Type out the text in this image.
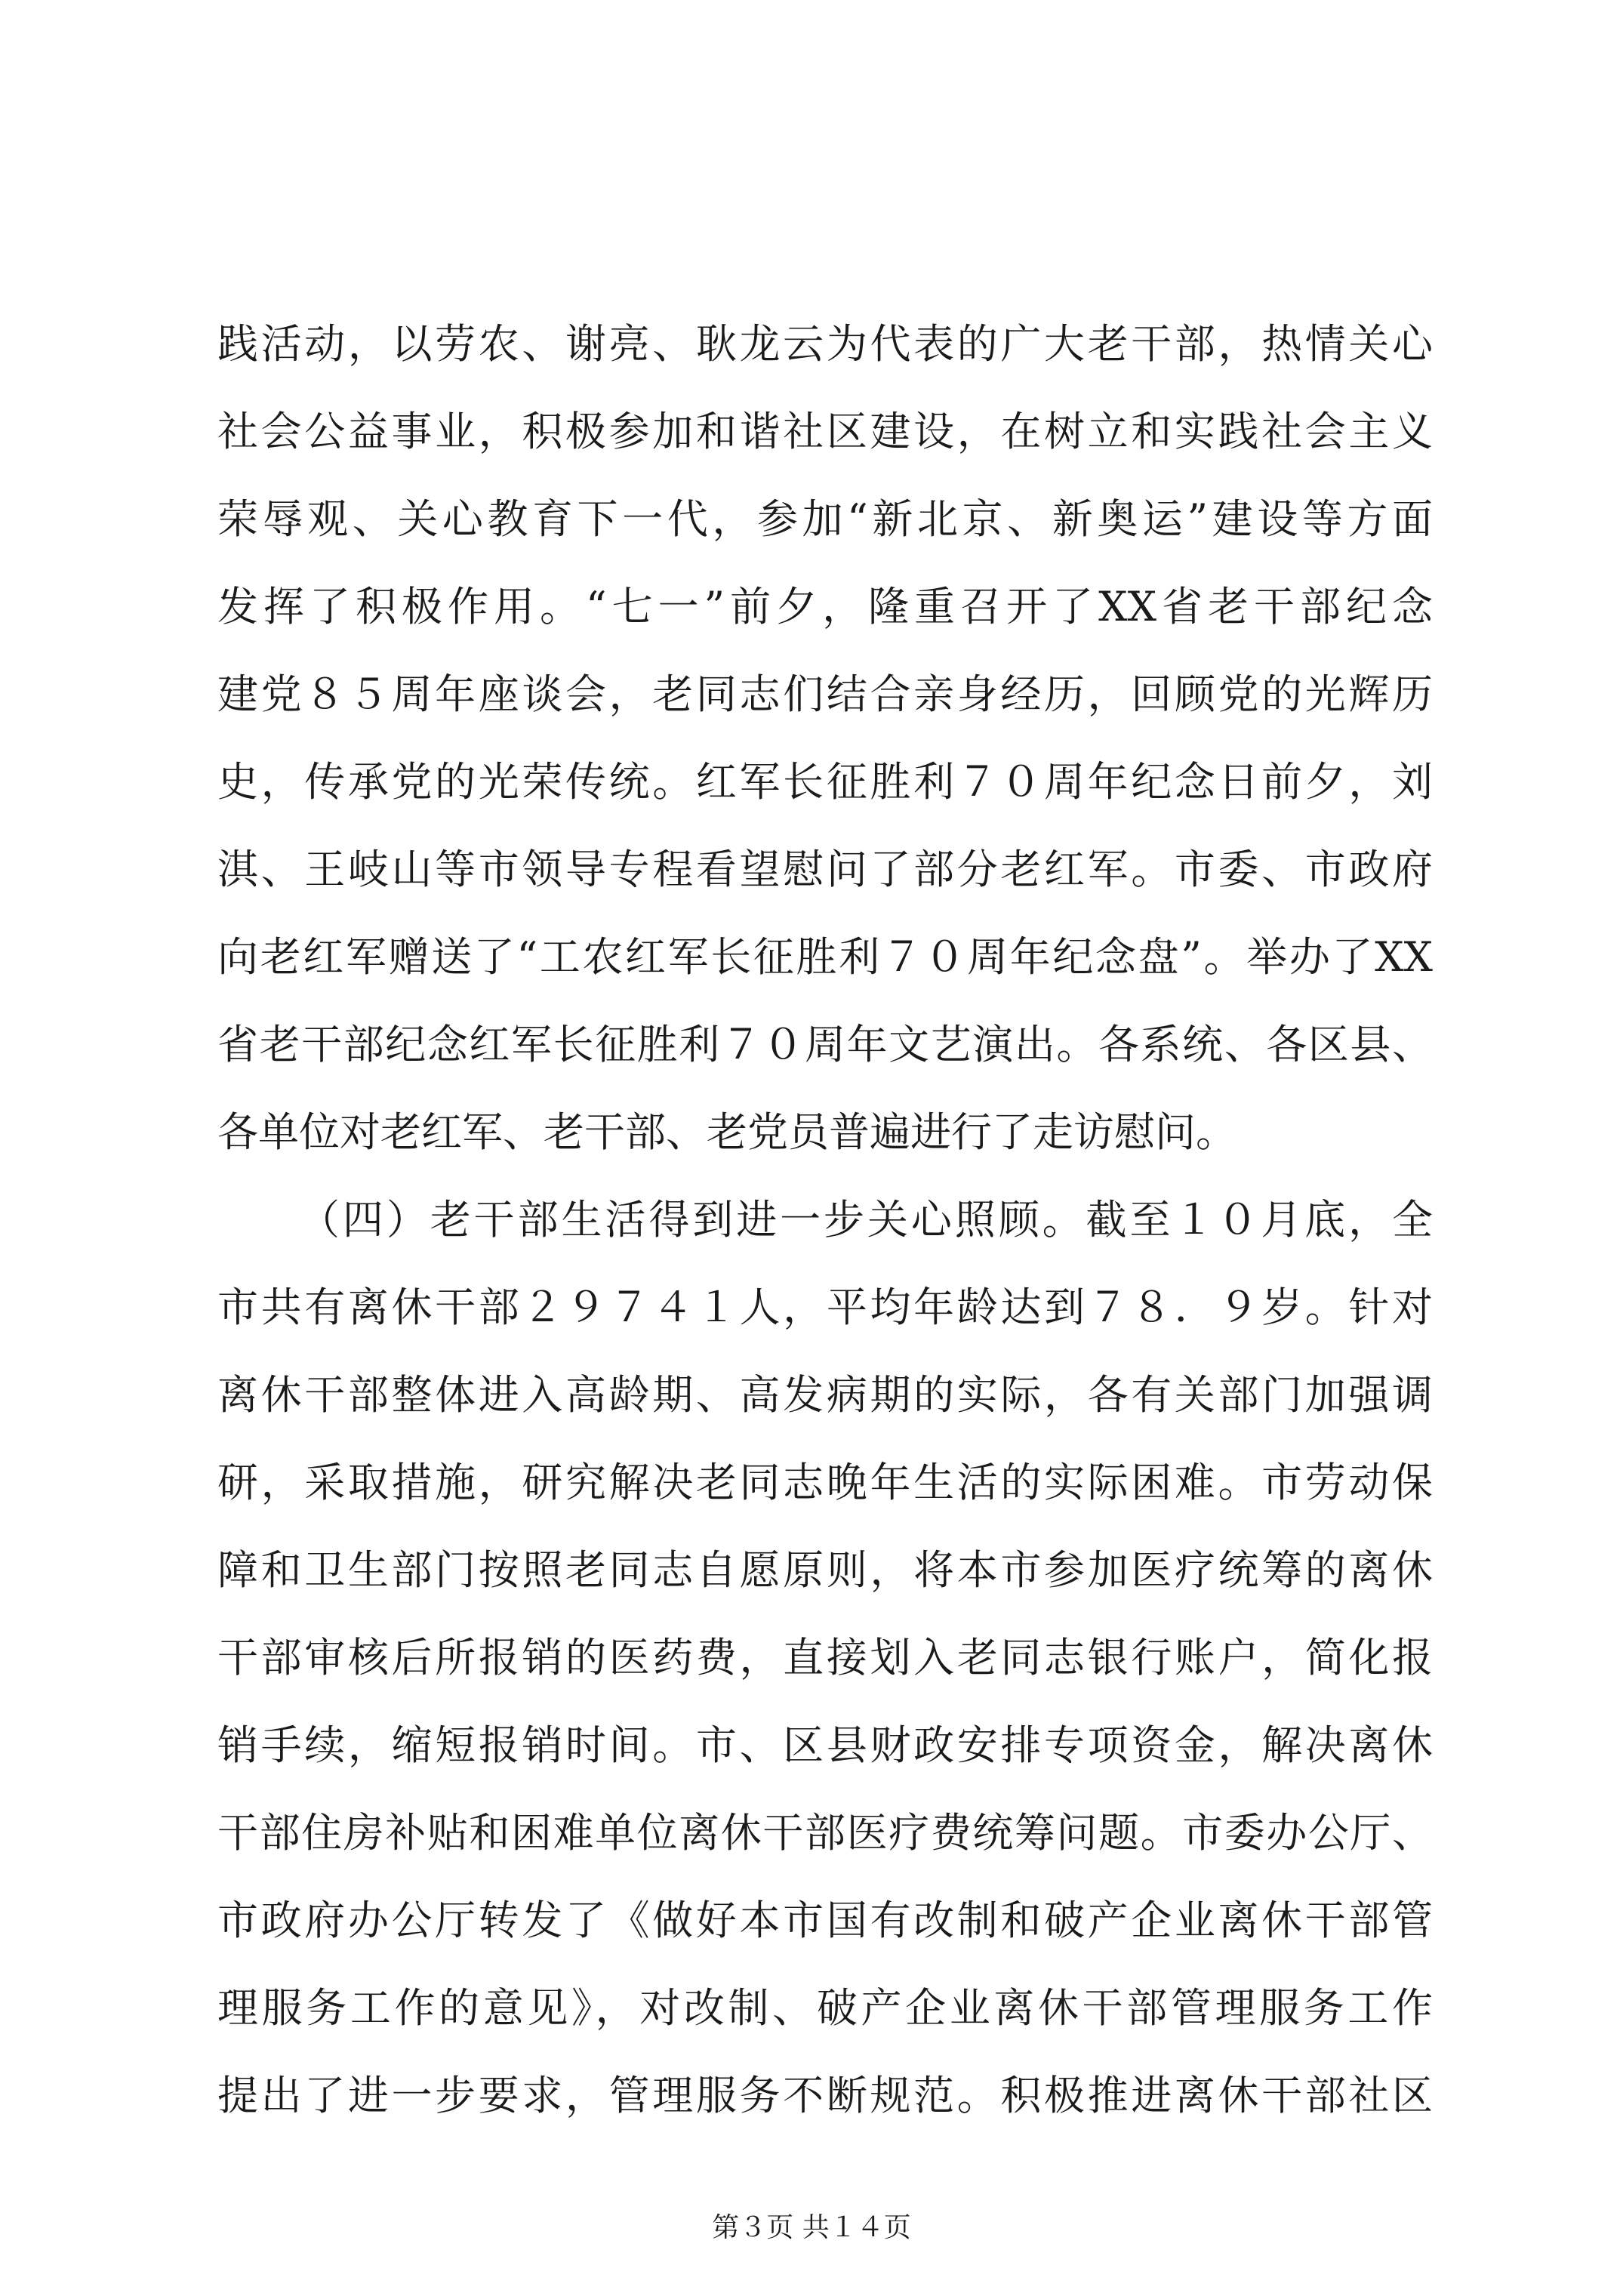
践活动，以劳农、谢亮、耿龙云为代表的广大老干部，热情关心
社会公益事业，积极参加和谐社区建设，在树立和实践社会主义
荣辱观、关心教育下一代，参加“新北京、新奥运”建设等方面
发挥了积极作用。“七一”前夕，隆重召开了XX省老干部纪念
建党８５周年座谈会，老同志们结合亲身经历，回顾党的光辉历
史，传承党的光荣传统。红军长征胜利７０周年纪念日前夕，刘
淇、王岐山等市领导专程看望慰问了部分老红军。市委、市政府
向老红军赠送了“工农红军长征胜利７０周年纪念盘”。举办了XX
省老干部纪念红军长征胜利７０周年文艺演出。各系统、各区县、
各单位对老红军、老干部、老党员普遍进行了走访慰问。
（四）老干部生活得到进一步关心照顾。截至１０月底，全
市共有离休干部２９７４１人，平均年龄达到７８．９岁。针对
离休干部整体进入高龄期、高发病期的实际，各有关部门加强调
研，采取措施，研究解决老同志晚年生活的实际困难。市劳动保
障和卫生部门按照老同志自愿原则，将本市参加医疗统筹的离休
干部审核后所报销的医药费，直接划入老同志银行账户，简化报
销手续，缩短报销时间。市、区县财政安排专项资金，解决离休
干部住房补贴和困难单位离休干部医疗费统筹问题。市委办公厅、
市政府办公厅转发了《做好本市国有改制和破产企业离休干部管
理服务工作的意见》，对改制、破产企业离休干部管理服务工作
提出了进一步要求，管理服务不断规范。积极推进离休干部社区
第３页 共１４页
